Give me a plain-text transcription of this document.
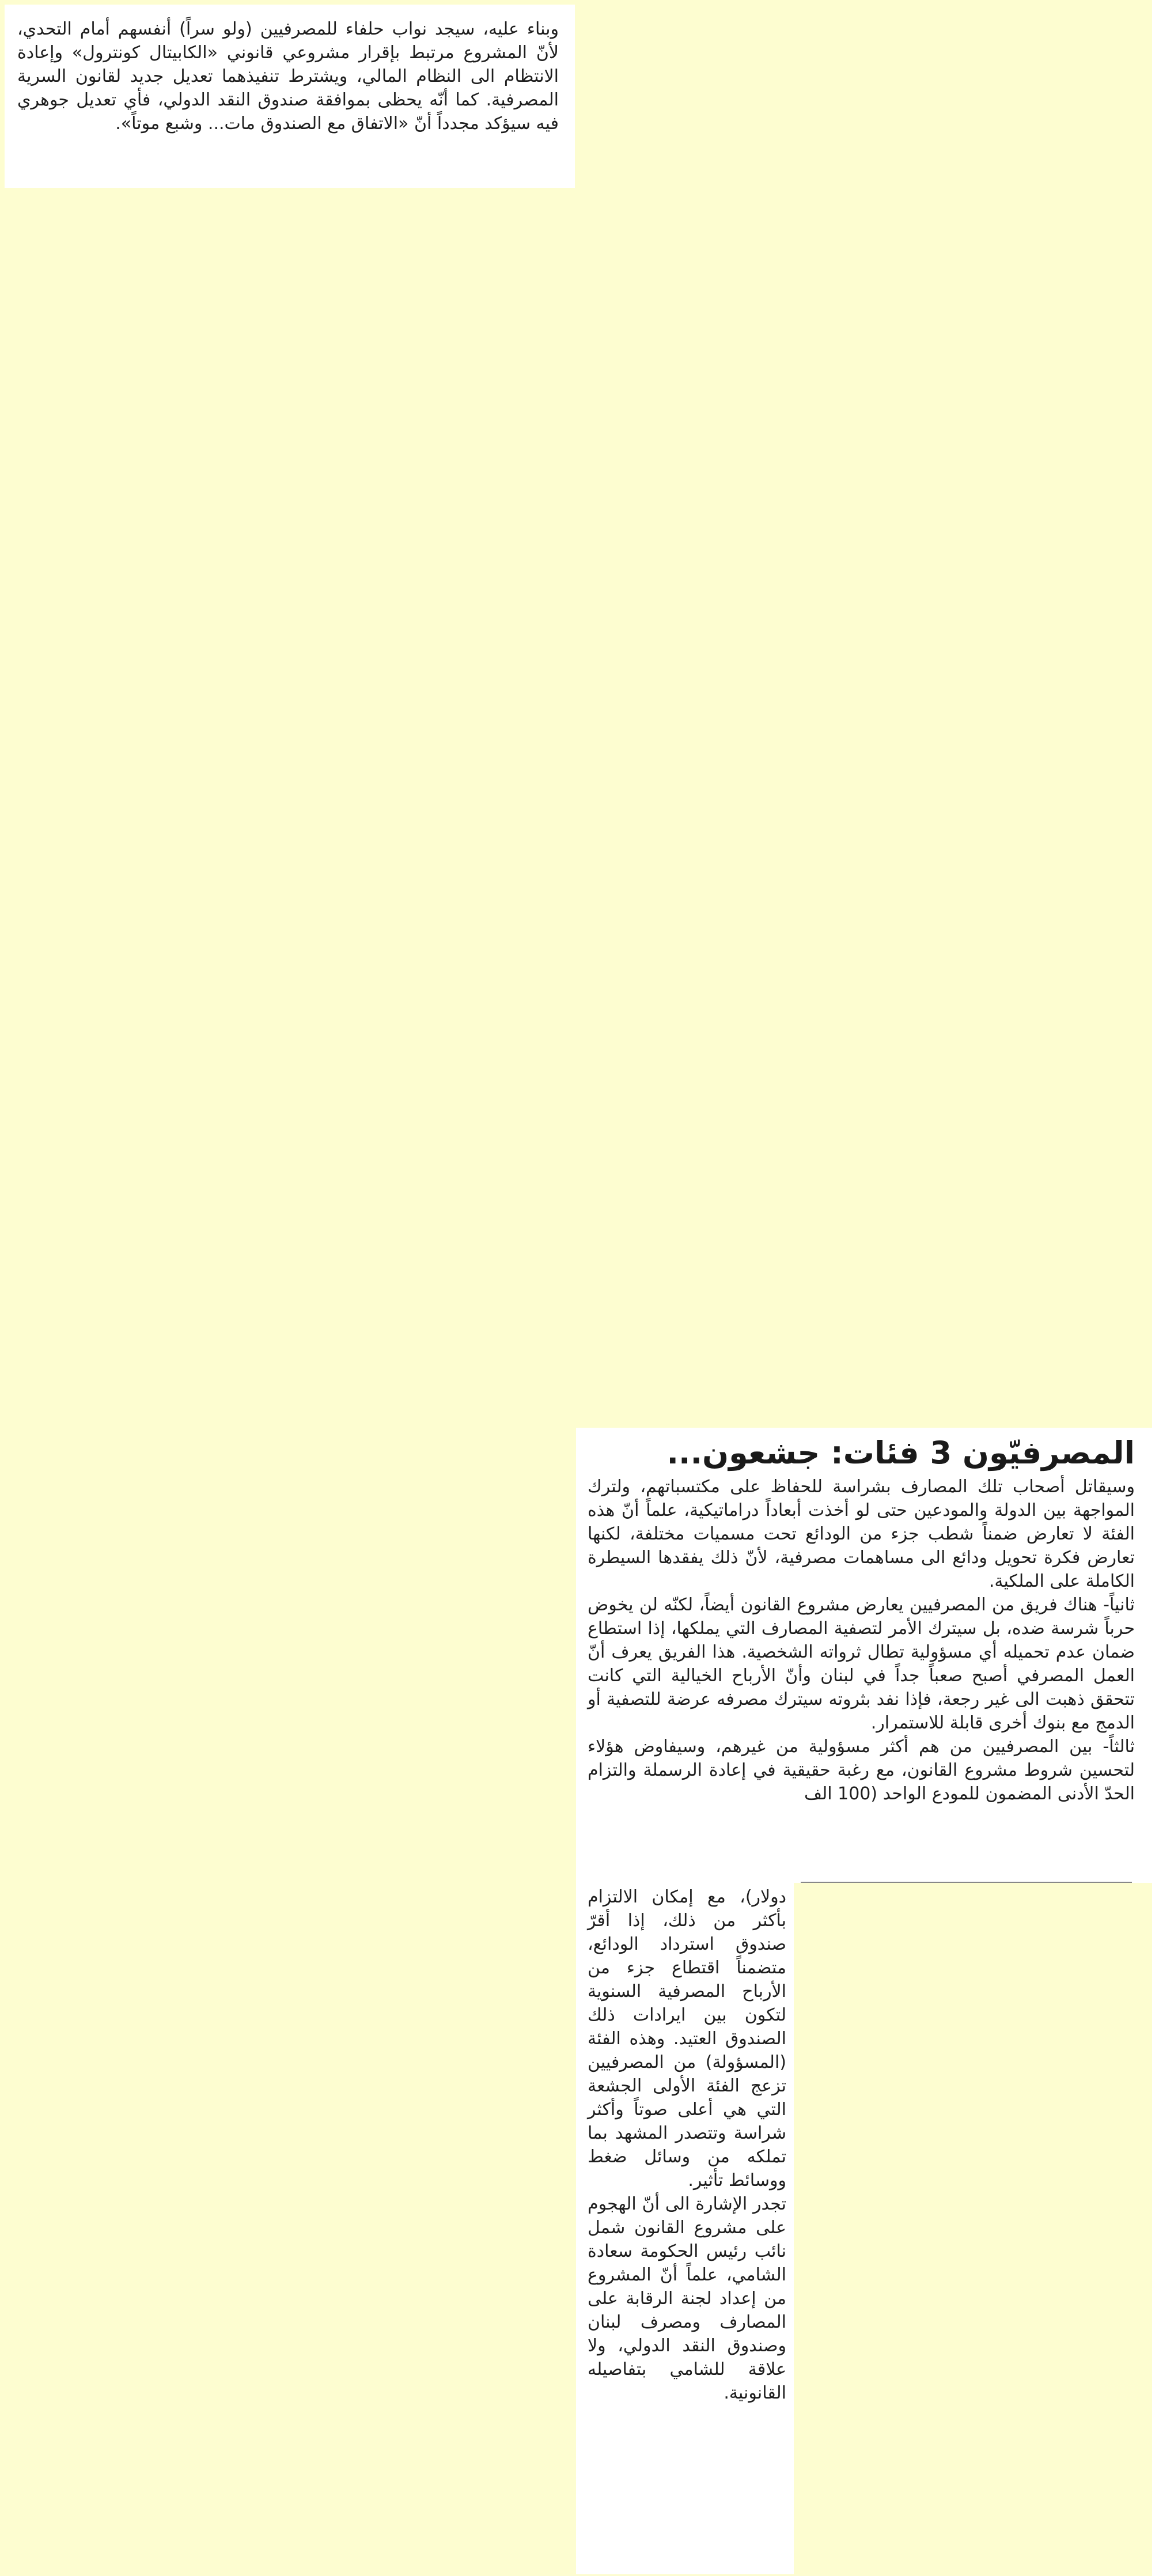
وبناء عليه، سيجد نواب حلفاء للمصرفيين (ولو سراً) أنفسهم أمام التحدي، لأنّ المشروع مرتبط بإقرار مشروعي قانوني «الكابيتال كونترول» وإعادة الانتظام الى النظام المالي، ويشترط تنفيذهما تعديل جديد لقانون السرية المصرفية. كما أنّه يحظى بموافقة صندوق النقد الدولي، فأي تعديل جوهري فيه سيؤكد مجدداً أنّ «الاتفاق مع الصندوق مات... وشبع موتاً».

المصرفيّون 3 فئات: جشعون...

وسيقاتل أصحاب تلك المصارف بشراسة للحفاظ على مكتسباتهم، ولترك المواجهة بين الدولة والمودعين حتى لو أخذت أبعاداً دراماتيكية، علماً أنّ هذه الفئة لا تعارض ضمناً شطب جزء من الودائع تحت مسميات مختلفة، لكنها تعارض فكرة تحويل ودائع الى مساهمات مصرفية، لأنّ ذلك يفقدها السيطرة الكاملة على الملكية.

ثانياً- هناك فريق من المصرفيين يعارض مشروع القانون أيضاً، لكنّه لن يخوض حرباً شرسة ضده، بل سيترك الأمر لتصفية المصارف التي يملكها، إذا استطاع ضمان عدم تحميله أي مسؤولية تطال ثرواته الشخصية. هذا الفريق يعرف أنّ العمل المصرفي أصبح صعباً جداً في لبنان وأنّ الأرباح الخيالية التي كانت تتحقق ذهبت الى غير رجعة، فإذا نفد بثروته سيترك مصرفه عرضة للتصفية أو الدمج مع بنوك أخرى قابلة للاستمرار.

ثالثاً- بين المصرفيين من هم أكثر مسؤولية من غيرهم، وسيفاوض هؤلاء لتحسين شروط مشروع القانون، مع رغبة حقيقية في إعادة الرسملة والتزام الحدّ الأدنى المضمون للمودع الواحد (100 الف

دولار)، مع إمكان الالتزام بأكثر من ذلك، إذا أقرّ صندوق استرداد الودائع، متضمناً اقتطاع جزء من الأرباح المصرفية السنوية لتكون بين ايرادات ذلك الصندوق العتيد. وهذه الفئة (المسؤولة) من المصرفيين تزعج الفئة الأولى الجشعة التي هي أعلى صوتاً وأكثر شراسة وتتصدر المشهد بما تملكه من وسائل ضغط ووسائط تأثير.

تجدر الإشارة الى أنّ الهجوم على مشروع القانون شمل نائب رئيس الحكومة سعادة الشامي، علماً أنّ المشروع من إعداد لجنة الرقابة على المصارف ومصرف لبنان وصندوق النقد الدولي، ولا علاقة للشامي بتفاصيله القانونية.
